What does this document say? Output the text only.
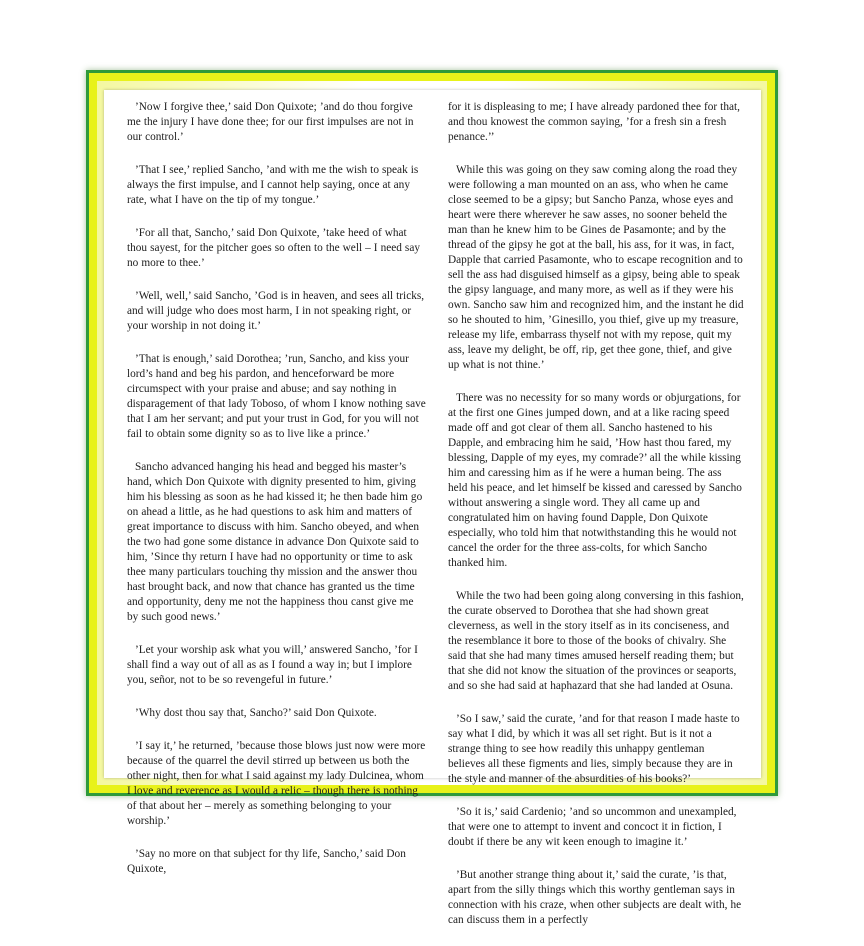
’Now I forgive thee,’ said Don Quixote; ’and do thou forgive me the injury I have done thee; for our first impulses are not in our control.’

’That I see,’ replied Sancho, ’and with me the wish to speak is always the first impulse, and I cannot help saying, once at any rate, what I have on the tip of my tongue.’

’For all that, Sancho,’ said Don Quixote, ’take heed of what thou sayest, for the pitcher goes so often to the well – I need say no more to thee.’

’Well, well,’ said Sancho, ’God is in heaven, and sees all tricks, and will judge who does most harm, I in not speaking right, or your worship in not doing it.’

’That is enough,’ said Dorothea; ’run, Sancho, and kiss your lord’s hand and beg his pardon, and henceforward be more circumspect with your praise and abuse; and say nothing in disparagement of that lady Toboso, of whom I know nothing save that I am her servant; and put your trust in God, for you will not fail to obtain some dignity so as to live like a prince.’

Sancho advanced hanging his head and begged his master’s hand, which Don Quixote with dignity presented to him, giving him his blessing as soon as he had kissed it; he then bade him go on ahead a little, as he had questions to ask him and matters of great importance to discuss with him. Sancho obeyed, and when the two had gone some distance in advance Don Quixote said to him, ’Since thy return I have had no opportunity or time to ask thee many particulars touching thy mission and the answer thou hast brought back, and now that chance has granted us the time and opportunity, deny me not the happiness thou canst give me by such good news.’

’Let your worship ask what you will,’ answered Sancho, ’for I shall find a way out of all as as I found a way in; but I implore you, señor, not to be so revengeful in future.’

’Why dost thou say that, Sancho?’ said Don Quixote.

’I say it,’ he returned, ’because those blows just now were more because of the quarrel the devil stirred up between us both the other night, then for what I said against my lady Dulcinea, whom I love and reverence as I would a relic – though there is nothing of that about her – merely as something belonging to your worship.’

’Say no more on that subject for thy life, Sancho,’ said Don Quixote,

for it is displeasing to me; I have already pardoned thee for that, and thou knowest the common saying, ’for a fresh sin a fresh penance.’’

While this was going on they saw coming along the road they were following a man mounted on an ass, who when he came close seemed to be a gipsy; but Sancho Panza, whose eyes and heart were there wherever he saw asses, no sooner beheld the man than he knew him to be Gines de Pasamonte; and by the thread of the gipsy he got at the ball, his ass, for it was, in fact, Dapple that carried Pasamonte, who to escape recognition and to sell the ass had disguised himself as a gipsy, being able to speak the gipsy language, and many more, as well as if they were his own. Sancho saw him and recognized him, and the instant he did so he shouted to him, ’Ginesillo, you thief, give up my treasure, release my life, embarrass thyself not with my repose, quit my ass, leave my delight, be off, rip, get thee gone, thief, and give up what is not thine.’

There was no necessity for so many words or objurgations, for at the first one Gines jumped down, and at a like racing speed made off and got clear of them all. Sancho hastened to his Dapple, and embracing him he said, ’How hast thou fared, my blessing, Dapple of my eyes, my comrade?’ all the while kissing him and caressing him as if he were a human being. The ass held his peace, and let himself be kissed and caressed by Sancho without answering a single word. They all came up and congratulated him on having found Dapple, Don Quixote especially, who told him that notwithstanding this he would not cancel the order for the three ass-colts, for which Sancho thanked him.

While the two had been going along conversing in this fashion, the curate observed to Dorothea that she had shown great cleverness, as well in the story itself as in its conciseness, and the resemblance it bore to those of the books of chivalry. She said that she had many times amused herself reading them; but that she did not know the situation of the provinces or seaports, and so she had said at haphazard that she had landed at Osuna.

’So I saw,’ said the curate, ’and for that reason I made haste to say what I did, by which it was all set right. But is it not a strange thing to see how readily this unhappy gentleman believes all these figments and lies, simply because they are in the style and manner of the absurdities of his books?’

’So it is,’ said Cardenio; ’and so uncommon and unexampled, that were one to attempt to invent and concoct it in fiction, I doubt if there be any wit keen enough to imagine it.’

’But another strange thing about it,’ said the curate, ’is that, apart from the silly things which this worthy gentleman says in connection with his craze, when other subjects are dealt with, he can discuss them in a perfectly
